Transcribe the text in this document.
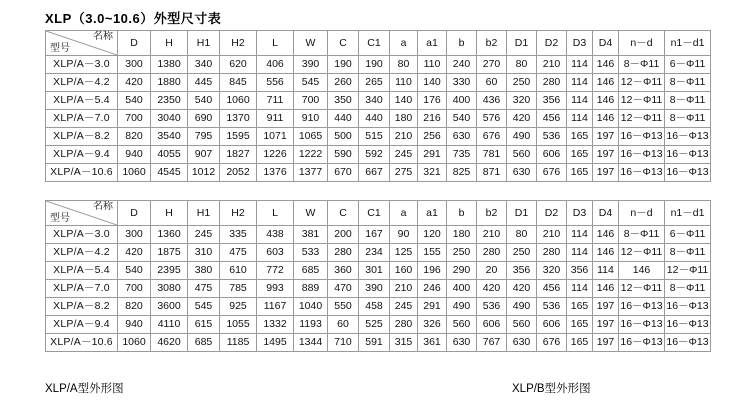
XLP（3.0~10.6）外型尺寸表
名称
型号	D	H	H1	H2	L	W	C	C1	a	a1	b	b2	D1	D2	D3	D4	n－d	n1－d1
XLP/A－3.0	300	1380	340	620	406	390	190	190	80	110	240	270	80	210	114	146	8－Φ11	6－Φ11
XLP/A－4.2	420	1880	445	845	556	545	260	265	110	140	330	60	250	280	114	146	12－Φ11	8－Φ11
XLP/A－5.4	540	2350	540	1060	711	700	350	340	140	176	400	436	320	356	114	146	12－Φ11	8－Φ11
XLP/A－7.0	700	3040	690	1370	911	910	440	440	180	216	540	576	420	456	114	146	12－Φ11	8－Φ11
XLP/A－8.2	820	3540	795	1595	1071	1065	500	515	210	256	630	676	490	536	165	197	16－Φ13	16－Φ13
XLP/A－9.4	940	4055	907	1827	1226	1222	590	592	245	291	735	781	560	606	165	197	16－Φ13	16－Φ13
XLP/A－10.6	1060	4545	1012	2052	1376	1377	670	667	275	321	825	871	630	676	165	197	16－Φ13	16－Φ13
名称
型号	D	H	H1	H2	L	W	C	C1	a	a1	b	b2	D1	D2	D3	D4	n－d	n1－d1
XLP/A－3.0	300	1360	245	335	438	381	200	167	90	120	180	210	80	210	114	146	8－Φ11	6－Φ11
XLP/A－4.2	420	1875	310	475	603	533	280	234	125	155	250	280	250	280	114	146	12－Φ11	8－Φ11
XLP/A－5.4	540	2395	380	610	772	685	360	301	160	196	290	20	356	320	356	114	146	12－Φ11
XLP/A－7.0	700	3080	475	785	993	889	470	390	210	246	400	420	420	456	114	146	12－Φ11	8－Φ11
XLP/A－8.2	820	3600	545	925	1167	1040	550	458	245	291	490	536	490	536	165	197	16－Φ13	16－Φ13
XLP/A－9.4	940	4110	615	1055	1332	1193	60	525	280	326	560	606	560	606	165	197	16－Φ13	16－Φ13
XLP/A－10.6	1060	4620	685	1185	1495	1344	710	591	315	361	630	767	630	676	165	197	16－Φ13	16－Φ13
XLP/A型外形图	XLP/B型外形图
